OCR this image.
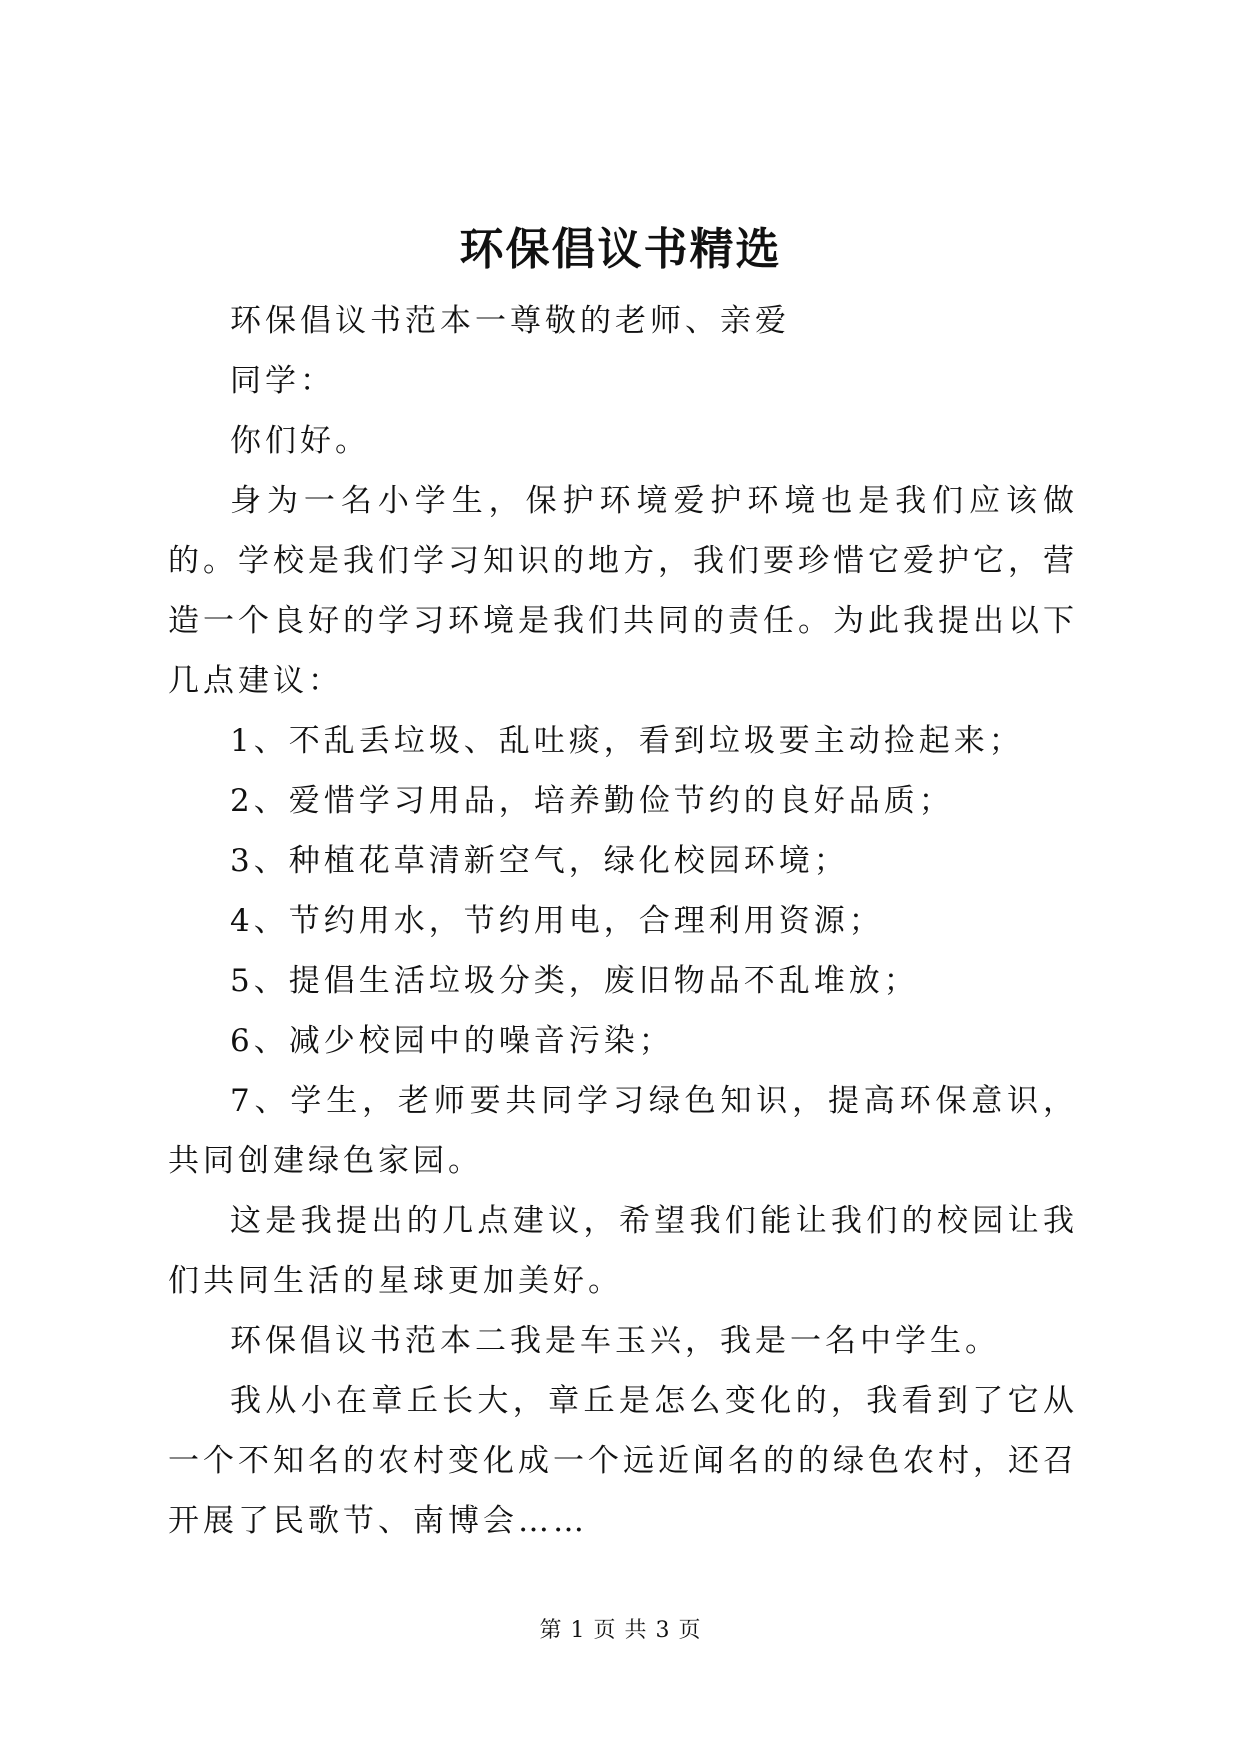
环保倡议书精选

环保倡议书范本一尊敬的老师、亲爱

同学：

你们好。

身为一名小学生，保护环境爱护环境也是我们应该做的。学校是我们学习知识的地方，我们要珍惜它爱护它，营造一个良好的学习环境是我们共同的责任。为此我提出以下几点建议：

1、不乱丢垃圾、乱吐痰，看到垃圾要主动捡起来；

2、爱惜学习用品，培养勤俭节约的良好品质；

3、种植花草清新空气，绿化校园环境；

4、节约用水，节约用电，合理利用资源；

5、提倡生活垃圾分类，废旧物品不乱堆放；

6、减少校园中的噪音污染；

7、学生，老师要共同学习绿色知识，提高环保意识，共同创建绿色家园。

这是我提出的几点建议，希望我们能让我们的校园让我们共同生活的星球更加美好。

环保倡议书范本二我是车玉兴，我是一名中学生。

我从小在章丘长大，章丘是怎么变化的，我看到了它从一个不知名的农村变化成一个远近闻名的的绿色农村，还召开展了民歌节、南博会……

第 1 页 共 3 页
